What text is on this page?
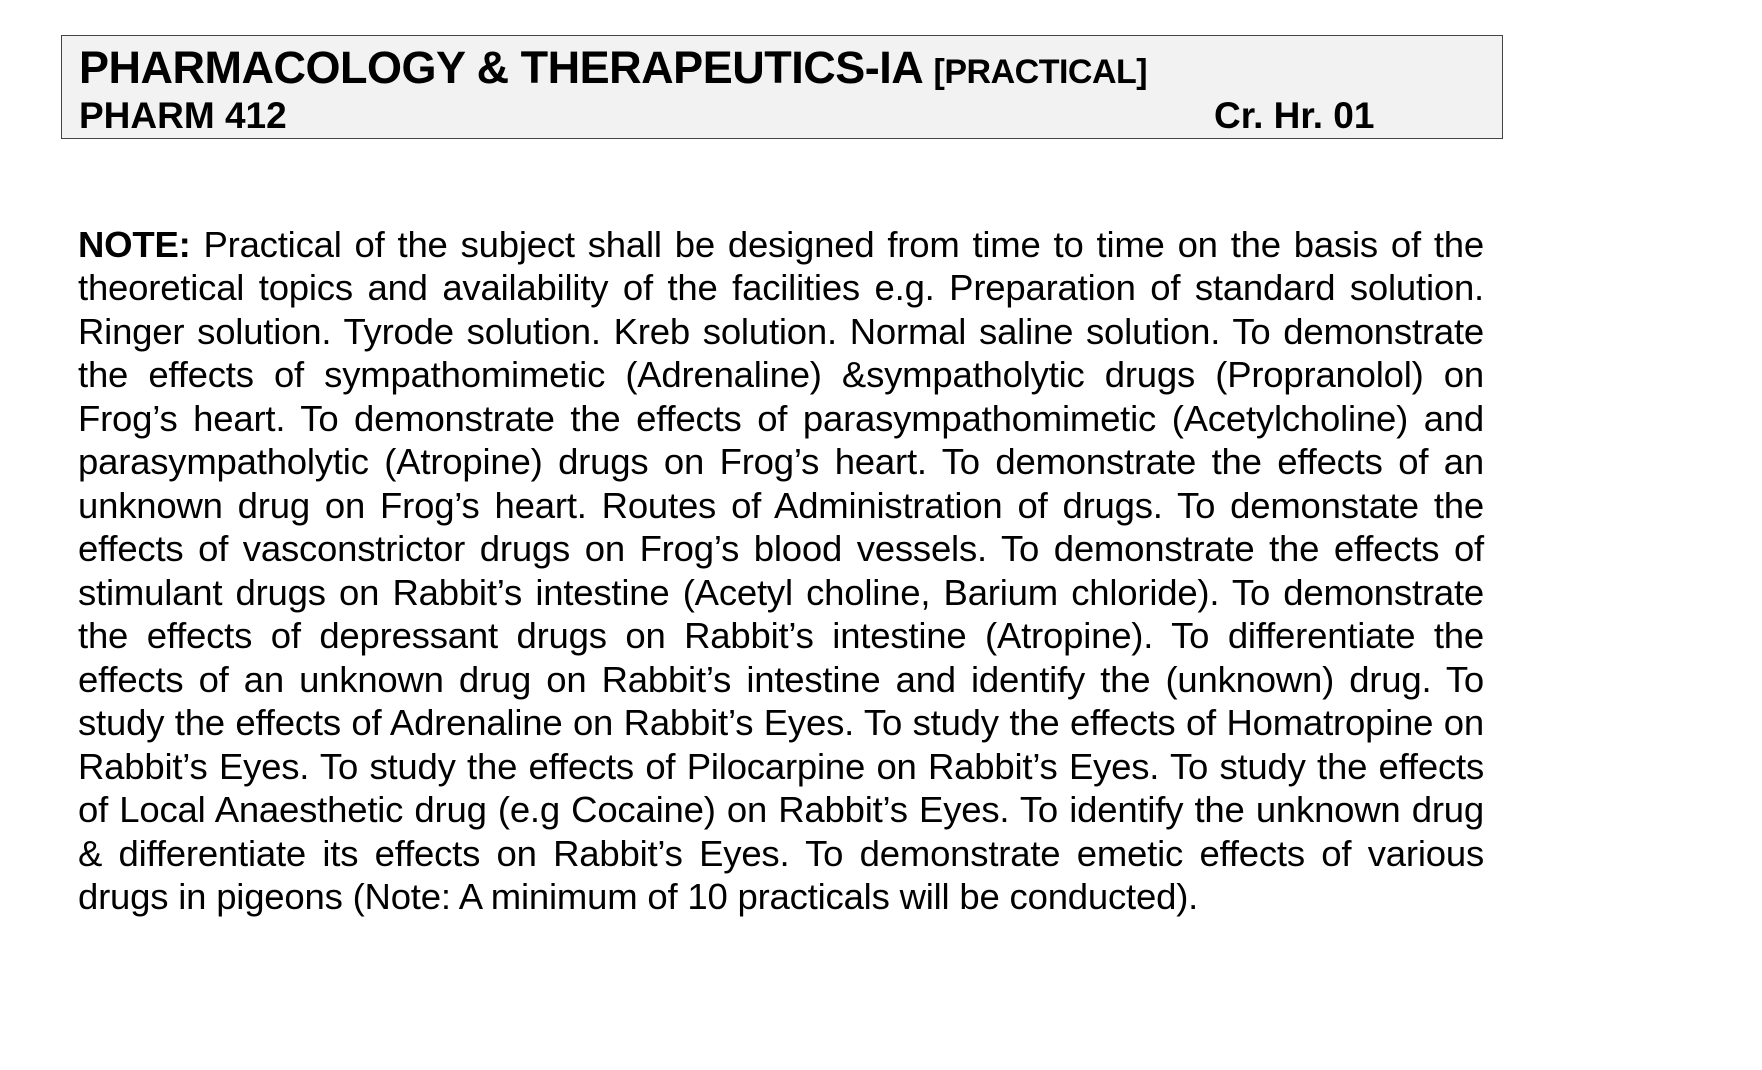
PHARMACOLOGY & THERAPEUTICS-IA [PRACTICAL]
PHARM 412	Cr. Hr. 01

NOTE: Practical of the subject shall be designed from time to time on the basis of the theoretical topics and availability of the facilities e.g. Preparation of standard solution. Ringer solution. Tyrode solution. Kreb solution. Normal saline solution. To demonstrate the effects of sympathomimetic (Adrenaline) &sympatholytic drugs (Propranolol) on Frog’s heart. To demonstrate the effects of parasympathomimetic (Acetylcholine) and parasympatholytic (Atropine) drugs on Frog’s heart. To demonstrate the effects of an unknown drug on Frog’s heart. Routes of Administration of drugs. To demonstate the effects of vasconstrictor drugs on Frog’s blood vessels. To demonstrate the effects of stimulant drugs on Rabbit’s intestine (Acetyl choline, Barium chloride). To demonstrate the effects of depressant drugs on Rabbit’s intestine (Atropine). To differentiate the effects of an unknown drug on Rabbit’s intestine and identify the (unknown) drug. To study the effects of Adrenaline on Rabbit’s Eyes. To study the effects of Homatropine on Rabbit’s Eyes. To study the effects of Pilocarpine on Rabbit’s Eyes. To study the effects of Local Anaesthetic drug (e.g Cocaine) on Rabbit’s Eyes. To identify the unknown drug & differentiate its effects on Rabbit’s Eyes. To demonstrate emetic effects of various drugs in pigeons (Note: A minimum of 10 practicals will be conducted).
